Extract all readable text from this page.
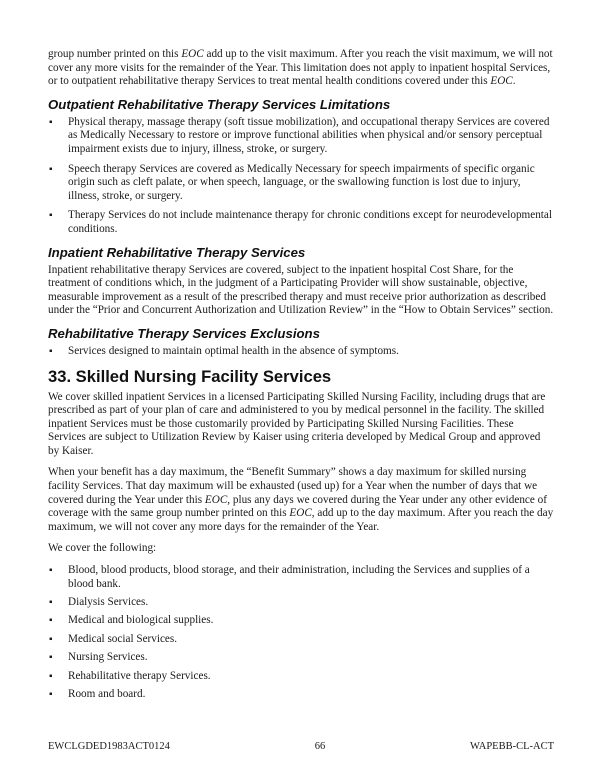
group number printed on this EOC add up to the visit maximum. After you reach the visit maximum, we will not cover any more visits for the remainder of the Year. This limitation does not apply to inpatient hospital Services, or to outpatient rehabilitative therapy Services to treat mental health conditions covered under this EOC.

Outpatient Rehabilitative Therapy Services Limitations
▪ Physical therapy, massage therapy (soft tissue mobilization), and occupational therapy Services are covered as Medically Necessary to restore or improve functional abilities when physical and/or sensory perceptual impairment exists due to injury, illness, stroke, or surgery.
▪ Speech therapy Services are covered as Medically Necessary for speech impairments of specific organic origin such as cleft palate, or when speech, language, or the swallowing function is lost due to injury, illness, stroke, or surgery.
▪ Therapy Services do not include maintenance therapy for chronic conditions except for neurodevelopmental conditions.
Inpatient Rehabilitative Therapy Services

Inpatient rehabilitative therapy Services are covered, subject to the inpatient hospital Cost Share, for the treatment of conditions which, in the judgment of a Participating Provider will show sustainable, objective, measurable improvement as a result of the prescribed therapy and must receive prior authorization as described under the “Prior and Concurrent Authorization and Utilization Review” in the “How to Obtain Services” section.

Rehabilitative Therapy Services Exclusions
▪ Services designed to maintain optimal health in the absence of symptoms.
33. Skilled Nursing Facility Services

We cover skilled inpatient Services in a licensed Participating Skilled Nursing Facility, including drugs that are prescribed as part of your plan of care and administered to you by medical personnel in the facility. The skilled inpatient Services must be those customarily provided by Participating Skilled Nursing Facilities. These Services are subject to Utilization Review by Kaiser using criteria developed by Medical Group and approved by Kaiser.

When your benefit has a day maximum, the “Benefit Summary” shows a day maximum for skilled nursing facility Services. That day maximum will be exhausted (used up) for a Year when the number of days that we covered during the Year under this EOC, plus any days we covered during the Year under any other evidence of coverage with the same group number printed on this EOC, add up to the day maximum. After you reach the day maximum, we will not cover any more days for the remainder of the Year.

We cover the following:

▪ Blood, blood products, blood storage, and their administration, including the Services and supplies of a blood bank.
▪ Dialysis Services.
▪ Medical and biological supplies.
▪ Medical social Services.
▪ Nursing Services.
▪ Rehabilitative therapy Services.
▪ Room and board.
EWCLGDED1983ACT0124	66	WAPEBB-CL-ACT
